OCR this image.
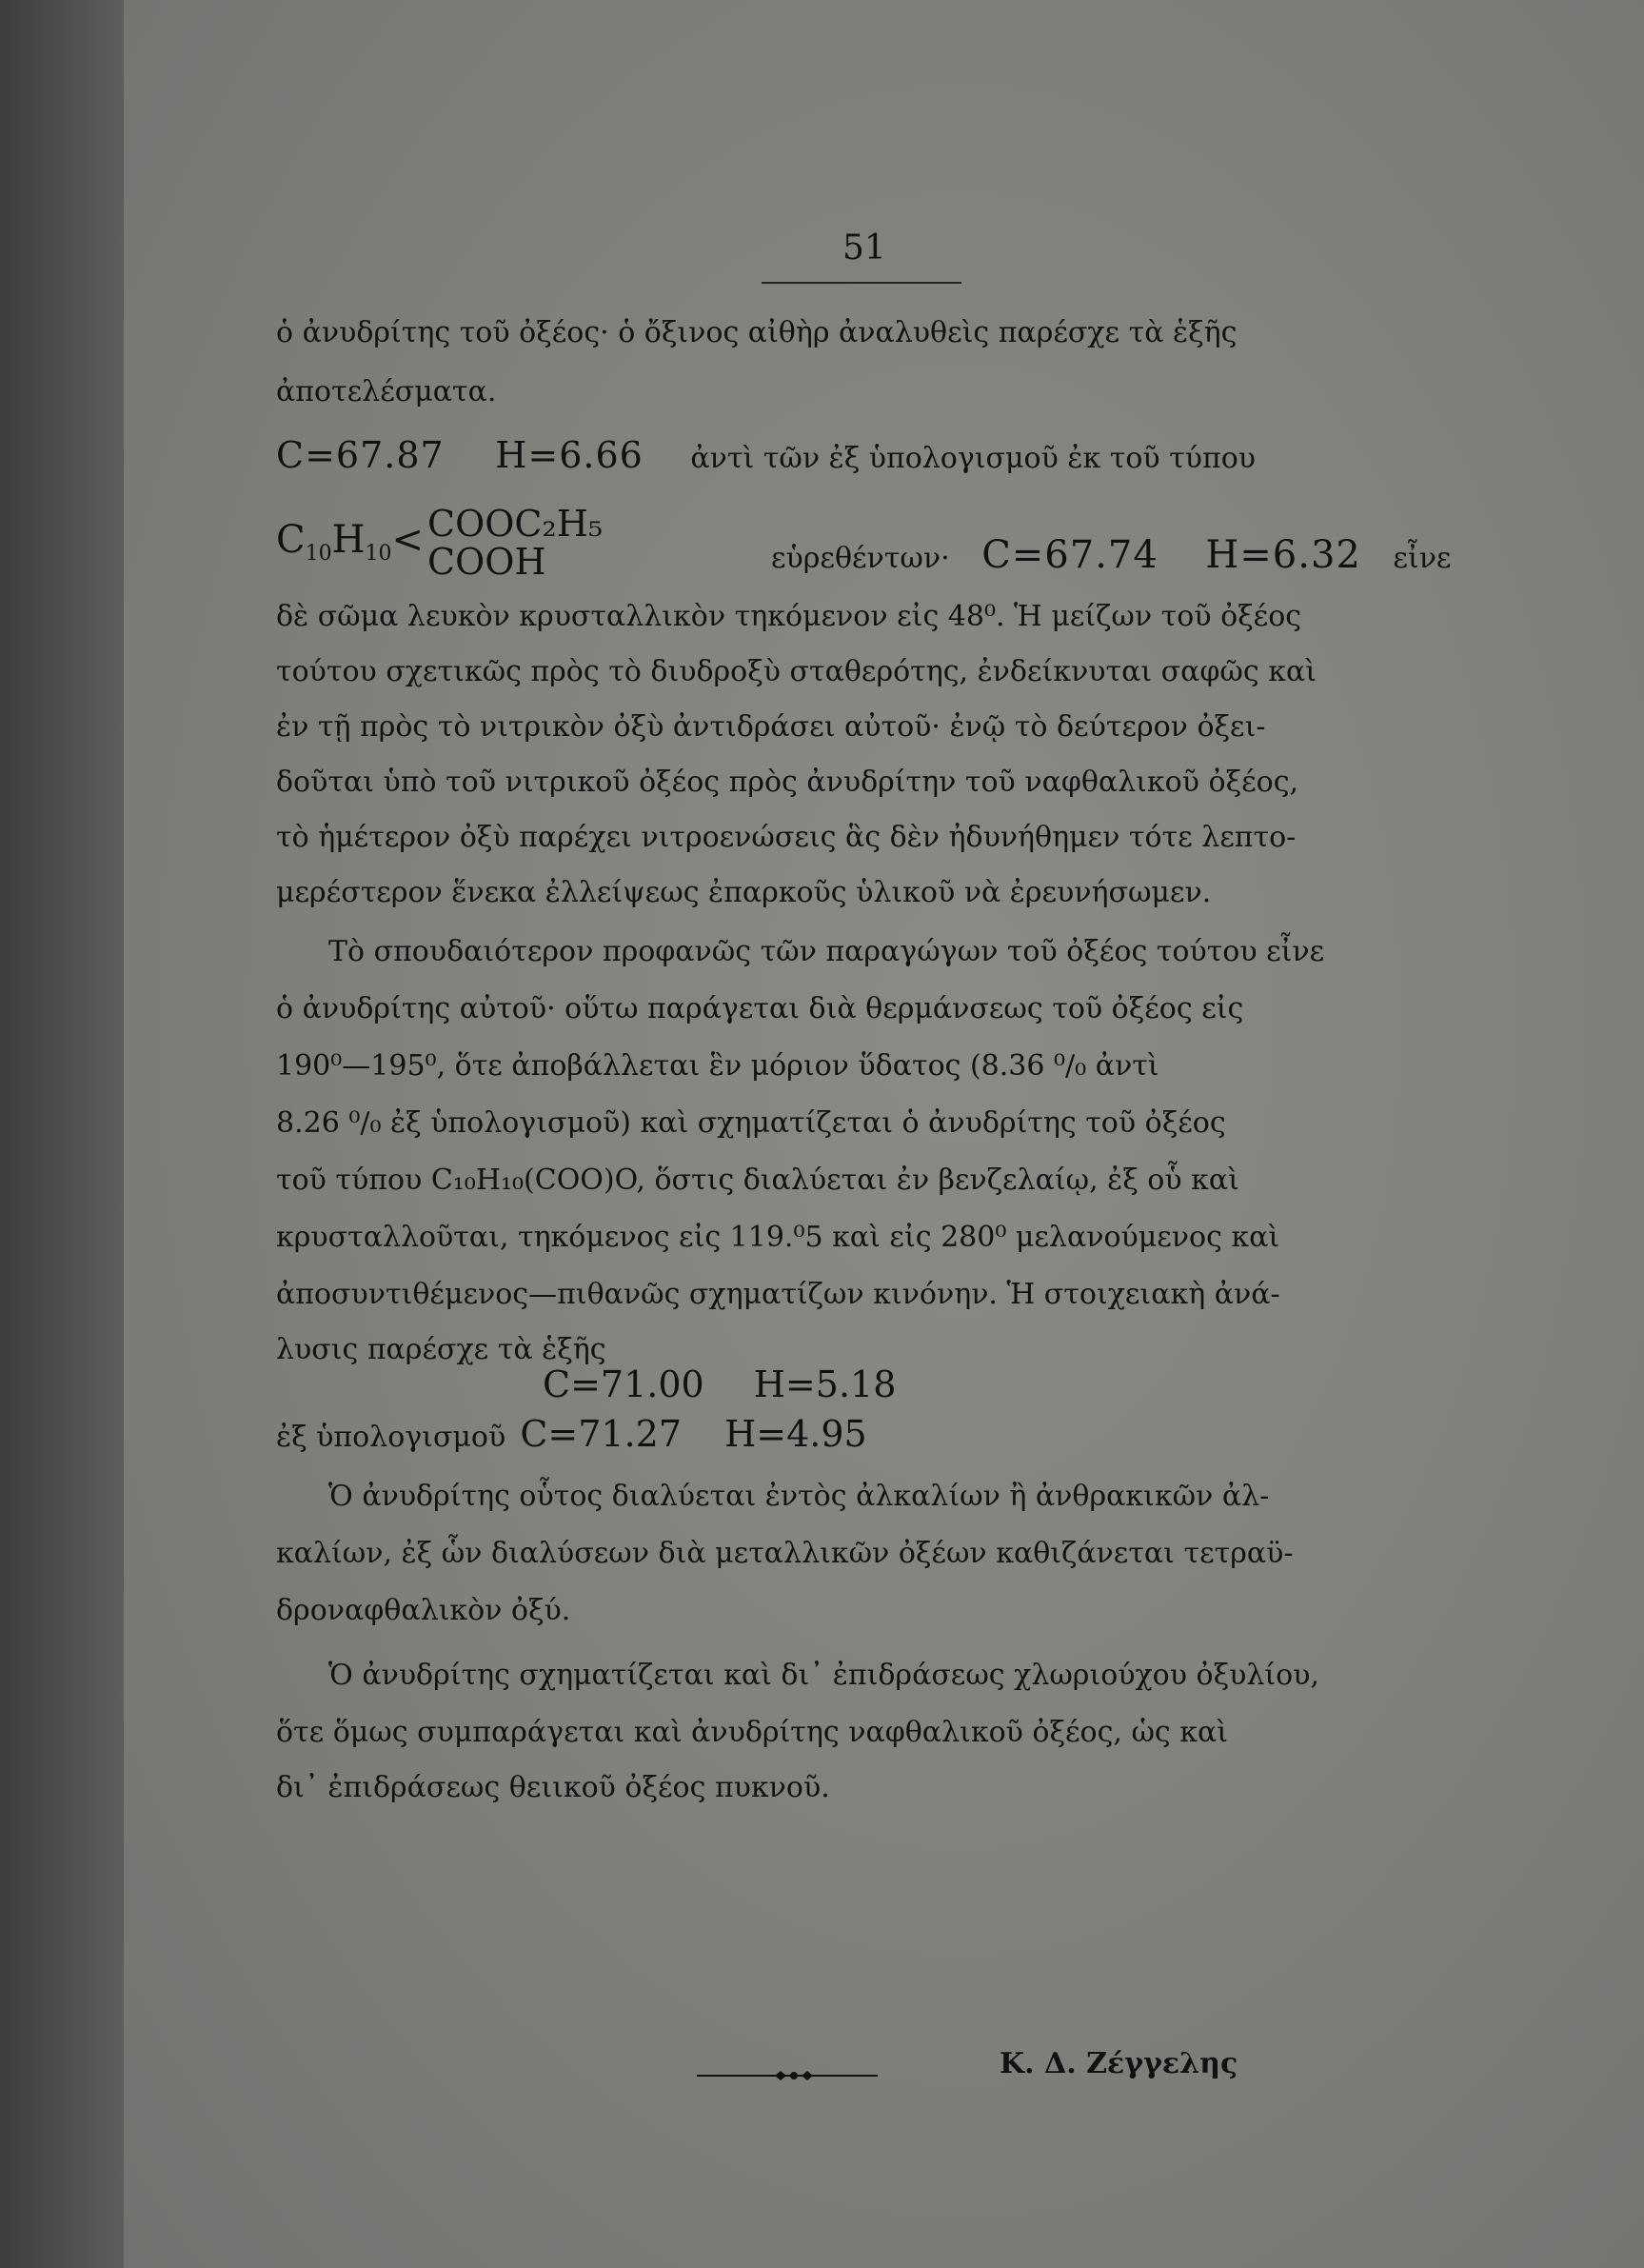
51
ὁ ἀνυδρίτης τοῦ ὀξέος· ὁ ὄξινος αἰθὴρ ἀναλυθεὶς παρέσχε τὰ ἑξῆς
ἀποτελέσματα.
C=67.87 H=6.66 ἀντὶ τῶν ἐξ ὑπολογισμοῦ ἐκ τοῦ τύπου
$C_{10}H_{10}<$ COOC₂H₅
COOH	εὑρεθέντων· C=67.74 H=6.32 εἶνε
δὲ σῶμα λευκὸν κρυσταλλικὸν τηκόμενον εἰς 48⁰. Ἡ μείζων τοῦ ὀξέος
τούτου σχετικῶς πρὸς τὸ διυδροξὺ σταθερότης, ἐνδείκνυται σαφῶς καὶ
ἐν τῇ πρὸς τὸ νιτρικὸν ὀξὺ ἀντιδράσει αὐτοῦ· ἐνῷ τὸ δεύτερον ὀξει-
δοῦται ὑπὸ τοῦ νιτρικοῦ ὀξέος πρὸς ἀνυδρίτην τοῦ ναφθαλικοῦ ὀξέος,
τὸ ἡμέτερον ὀξὺ παρέχει νιτροενώσεις ἃς δὲν ἠδυνήθημεν τότε λεπτο-
μερέστερον ἕνεκα ἐλλείψεως ἐπαρκοῦς ὑλικοῦ νὰ ἐρευνήσωμεν.
Τὸ σπουδαιότερον προφανῶς τῶν παραγώγων τοῦ ὀξέος τούτου εἶνε
ὁ ἀνυδρίτης αὐτοῦ· οὕτω παράγεται διὰ θερμάνσεως τοῦ ὀξέος εἰς
190⁰—195⁰, ὅτε ἀποβάλλεται ἓν μόριον ὕδατος (8.36 ⁰/₀ ἀντὶ
8.26 ⁰/₀ ἐξ ὑπολογισμοῦ) καὶ σχηματίζεται ὁ ἀνυδρίτης τοῦ ὀξέος
τοῦ τύπου C₁₀H₁₀(COO)O, ὅστις διαλύεται ἐν βενζελαίῳ, ἐξ οὗ καὶ
κρυσταλλοῦται, τηκόμενος εἰς 119.⁰5 καὶ εἰς 280⁰ μελανούμενος καὶ
ἀποσυντιθέμενος—πιθανῶς σχηματίζων κινόνην. Ἡ στοιχειακὴ ἀνά-
λυσις παρέσχε τὰ ἑξῆς
C=71.00 H=5.18
ἐξ ὑπολογισμοῦ C=71.27 H=4.95
Ὁ ἀνυδρίτης οὗτος διαλύεται ἐντὸς ἀλκαλίων ἢ ἀνθρακικῶν ἀλ-
καλίων, ἐξ ὧν διαλύσεων διὰ μεταλλικῶν ὀξέων καθιζάνεται τετραϋ-
δροναφθαλικὸν ὀξύ.
Ὁ ἀνυδρίτης σχηματίζεται καὶ δι᾽ ἐπιδράσεως χλωριούχου ὀξυλίου,
ὅτε ὅμως συμπαράγεται καὶ ἀνυδρίτης ναφθαλικοῦ ὀξέος, ὡς καὶ
δι᾽ ἐπιδράσεως θειικοῦ ὀξέος πυκνοῦ.
Κ. Δ. Ζέγγελης
